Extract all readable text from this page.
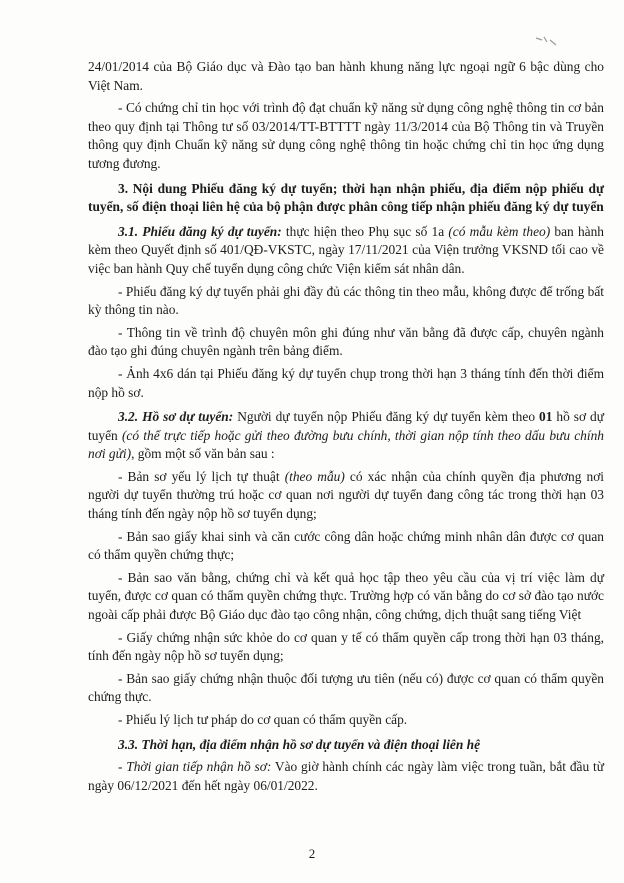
24/01/2014 của Bộ Giáo dục và Đào tạo ban hành khung năng lực ngoại ngữ 6 bậc dùng cho Việt Nam.

- Có chứng chỉ tin học với trình độ đạt chuẩn kỹ năng sử dụng công nghệ thông tin cơ bản theo quy định tại Thông tư số 03/2014/TT-BTTTT ngày 11/3/2014 của Bộ Thông tin và Truyền thông quy định Chuẩn kỹ năng sử dụng công nghệ thông tin hoặc chứng chỉ tin học ứng dụng tương đương.

3. Nội dung Phiếu đăng ký dự tuyển; thời hạn nhận phiếu, địa điểm nộp phiếu dự tuyển, số điện thoại liên hệ của bộ phận được phân công tiếp nhận phiếu đăng ký dự tuyển

3.1. Phiếu đăng ký dự tuyển: thực hiện theo Phụ sục số 1a (có mẫu kèm theo) ban hành kèm theo Quyết định số 401/QĐ-VKSTC, ngày 17/11/2021 của Viện trưởng VKSND tối cao về việc ban hành Quy chế tuyển dụng công chức Viện kiểm sát nhân dân.

- Phiếu đăng ký dự tuyển phải ghi đầy đủ các thông tin theo mẫu, không được để trống bất kỳ thông tin nào.

- Thông tin về trình độ chuyên môn ghi đúng như văn bằng đã được cấp, chuyên ngành đào tạo ghi đúng chuyên ngành trên bảng điểm.

- Ảnh 4x6 dán tại Phiếu đăng ký dự tuyển chụp trong thời hạn 3 tháng tính đến thời điểm nộp hồ sơ.

3.2. Hồ sơ dự tuyển: Người dự tuyển nộp Phiếu đăng ký dự tuyển kèm theo 01 hồ sơ dự tuyển (có thể trực tiếp hoặc gửi theo đường bưu chính, thời gian nộp tính theo dấu bưu chính nơi gửi), gồm một số văn bản sau :

- Bản sơ yếu lý lịch tự thuật (theo mẫu) có xác nhận của chính quyền địa phương nơi người dự tuyển thường trú hoặc cơ quan nơi người dự tuyển đang công tác trong thời hạn 03 tháng tính đến ngày nộp hồ sơ tuyển dụng;

- Bản sao giấy khai sinh và căn cước công dân hoặc chứng minh nhân dân được cơ quan có thẩm quyền chứng thực;

- Bản sao văn bằng, chứng chỉ và kết quả học tập theo yêu cầu của vị trí việc làm dự tuyển, được cơ quan có thẩm quyền chứng thực. Trường hợp có văn bằng do cơ sở đào tạo nước ngoài cấp phải được Bộ Giáo dục đào tạo công nhận, công chứng, dịch thuật sang tiếng Việt

- Giấy chứng nhận sức khỏe do cơ quan y tế có thẩm quyền cấp trong thời hạn 03 tháng, tính đến ngày nộp hồ sơ tuyển dụng;

- Bản sao giấy chứng nhận thuộc đối tượng ưu tiên (nếu có) được cơ quan có thẩm quyền chứng thực.

- Phiếu lý lịch tư pháp do cơ quan có thẩm quyền cấp.

3.3. Thời hạn, địa điểm nhận hồ sơ dự tuyển và điện thoại liên hệ

- Thời gian tiếp nhận hồ sơ: Vào giờ hành chính các ngày làm việc trong tuần, bắt đầu từ ngày 06/12/2021 đến hết ngày 06/01/2022.

2
